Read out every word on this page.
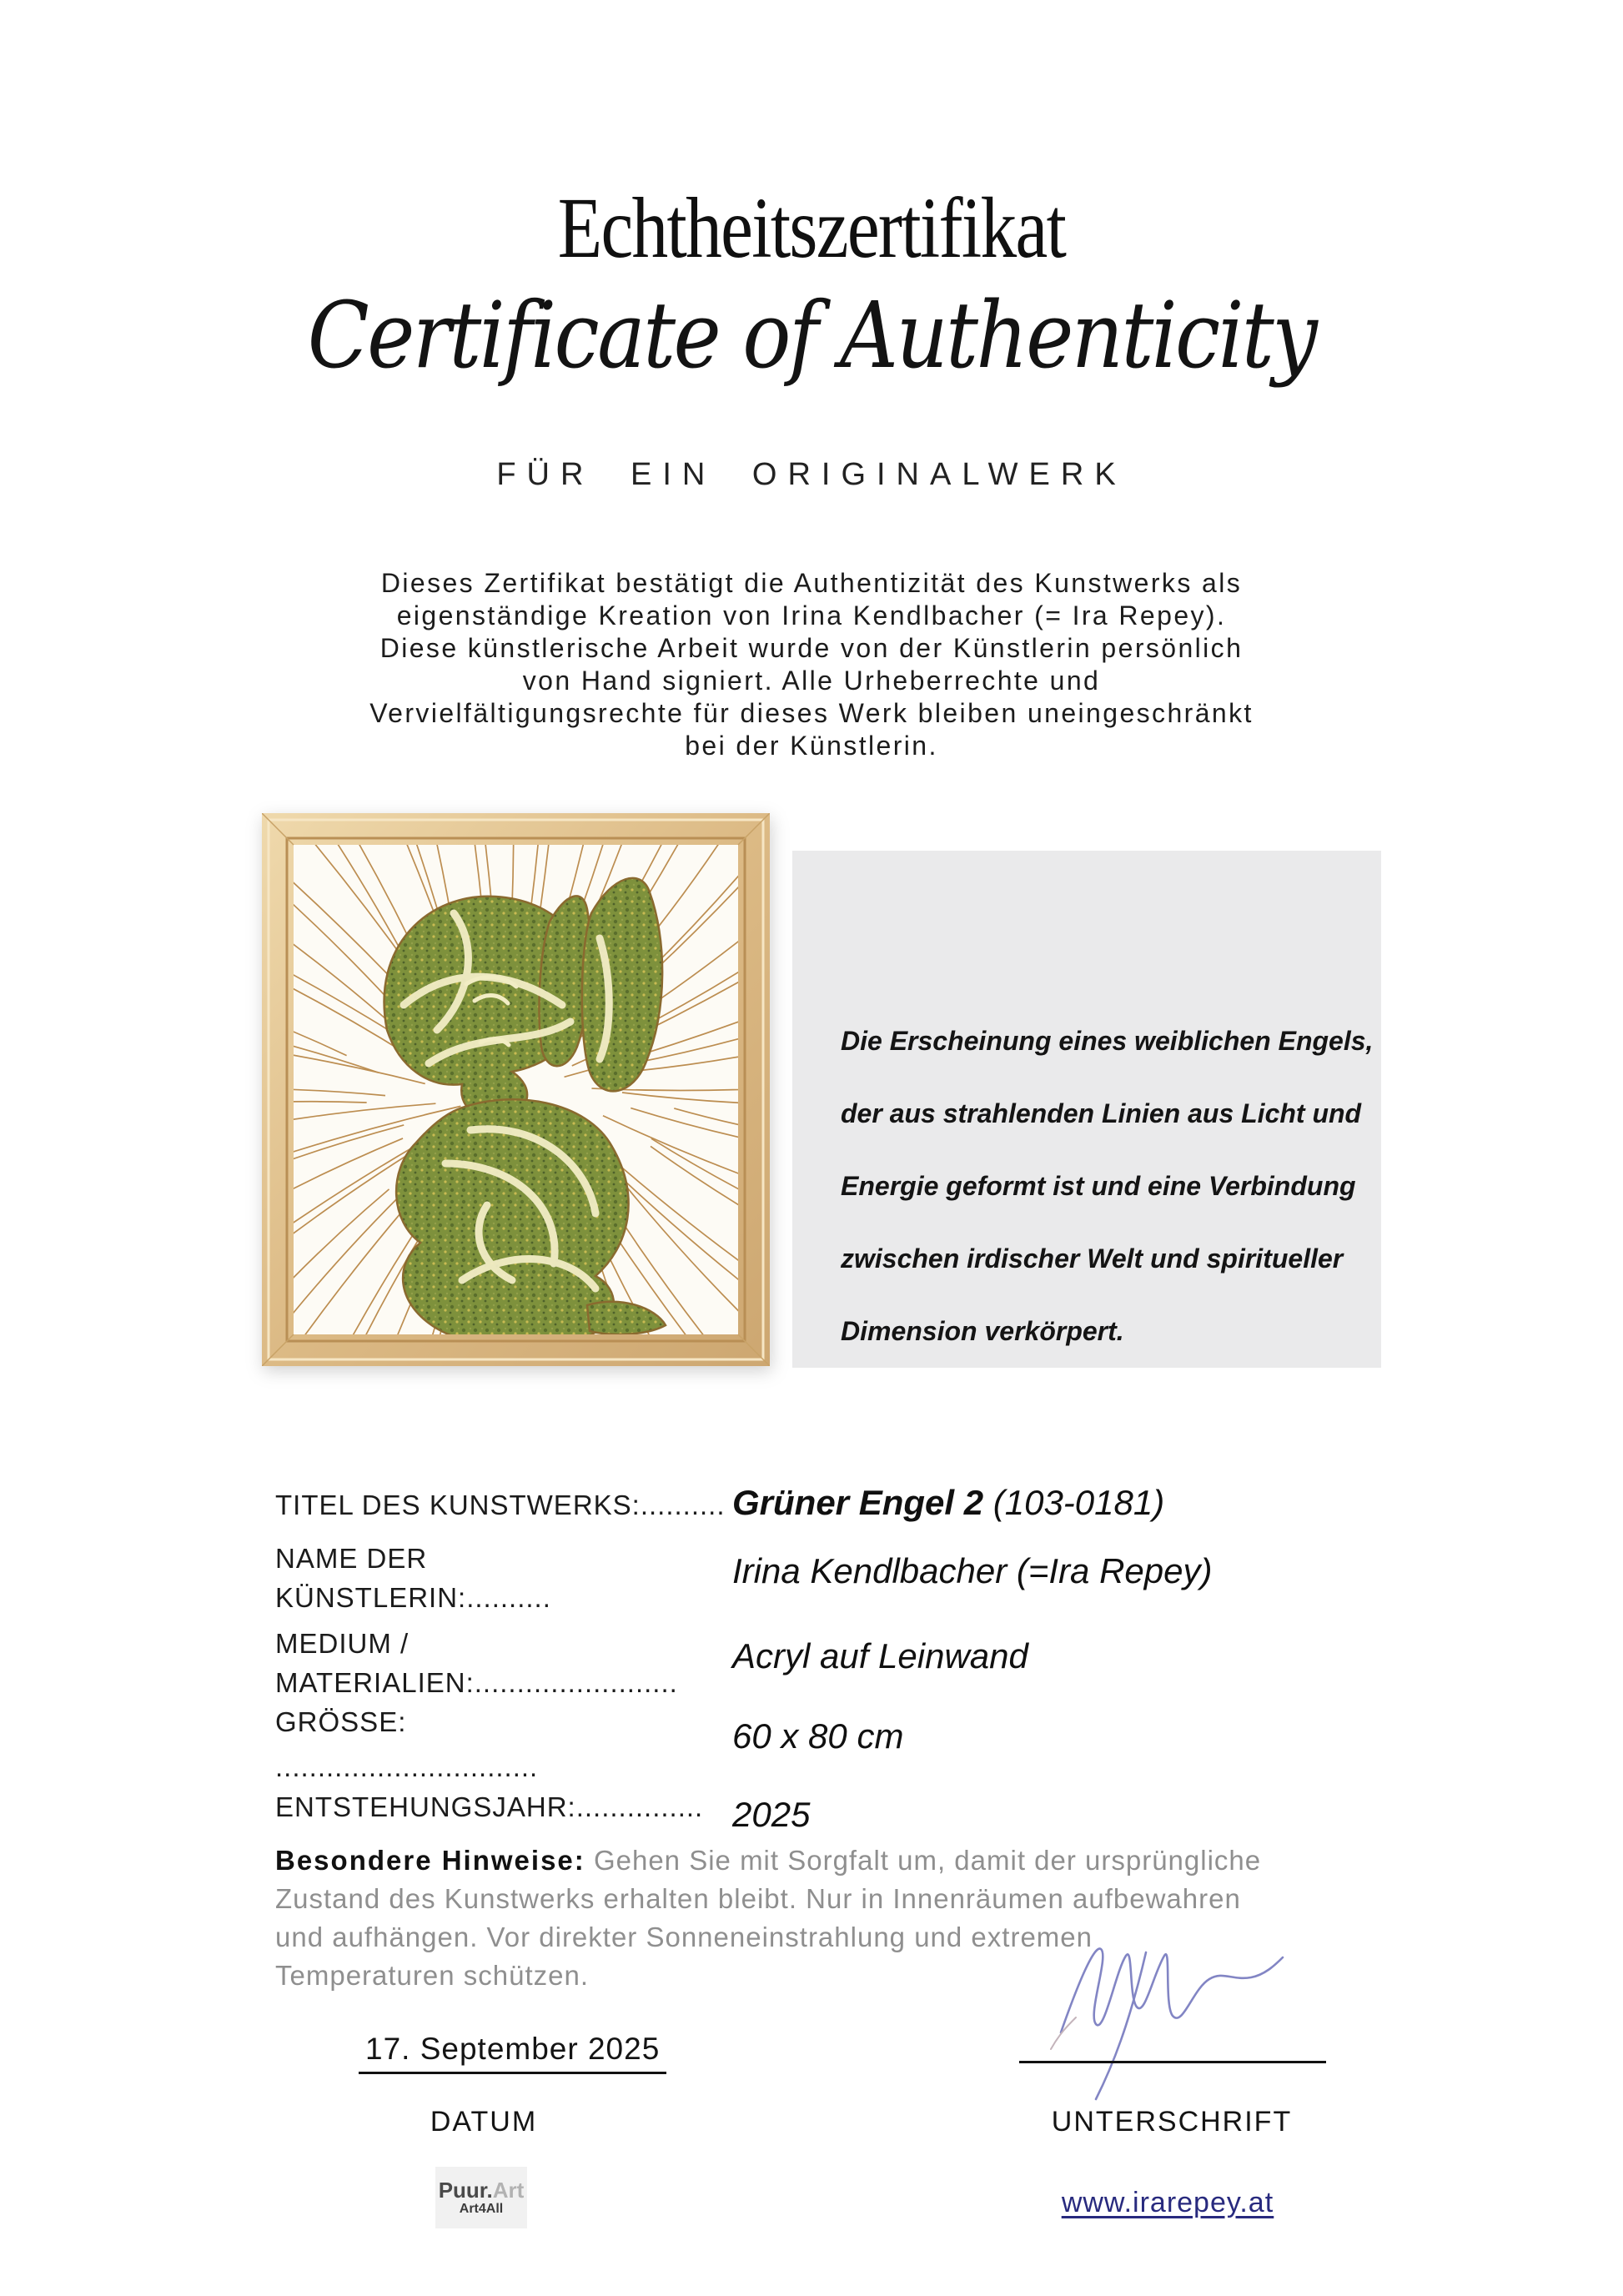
Echtheitszertifikat
Certificate of Authenticity
FÜR EIN ORIGINALWERK
Dieses Zertifikat bestätigt die Authentizität des Kunstwerks als
eigenständige Kreation von Irina Kendlbacher (= Ira Repey).
Diese künstlerische Arbeit wurde von der Künstlerin persönlich
von Hand signiert. Alle Urheberrechte und
Vervielfältigungsrechte für dieses Werk bleiben uneingeschränkt
bei der Künstlerin.
Die Erscheinung eines weiblichen Engels,
der aus strahlenden Linien aus Licht und
Energie geformt ist und eine Verbindung
zwischen irdischer Welt und spiritueller
Dimension verkörpert.
TITEL DES KUNSTWERKS:.......... Grüner Engel 2 (103-0181)
NAME DER
KÜNSTLERIN:..........
Irina Kendlbacher (=Ira Repey)
MEDIUM /
MATERIALIEN:........................
Acryl auf Leinwand
GRÖSSE:
...............................
60 x 80 cm
ENTSTEHUNGSJAHR:............... 2025
Besondere Hinweise: Gehen Sie mit Sorgfalt um, damit der ursprüngliche
Zustand des Kunstwerks erhalten bleibt. Nur in Innenräumen aufbewahren
und aufhängen. Vor direkter Sonneneinstrahlung und extremen
Temperaturen schützen.
17. September 2025
DATUM	UNTERSCHRIFT
Puur.Art
Art4All	www.irarepey.at
